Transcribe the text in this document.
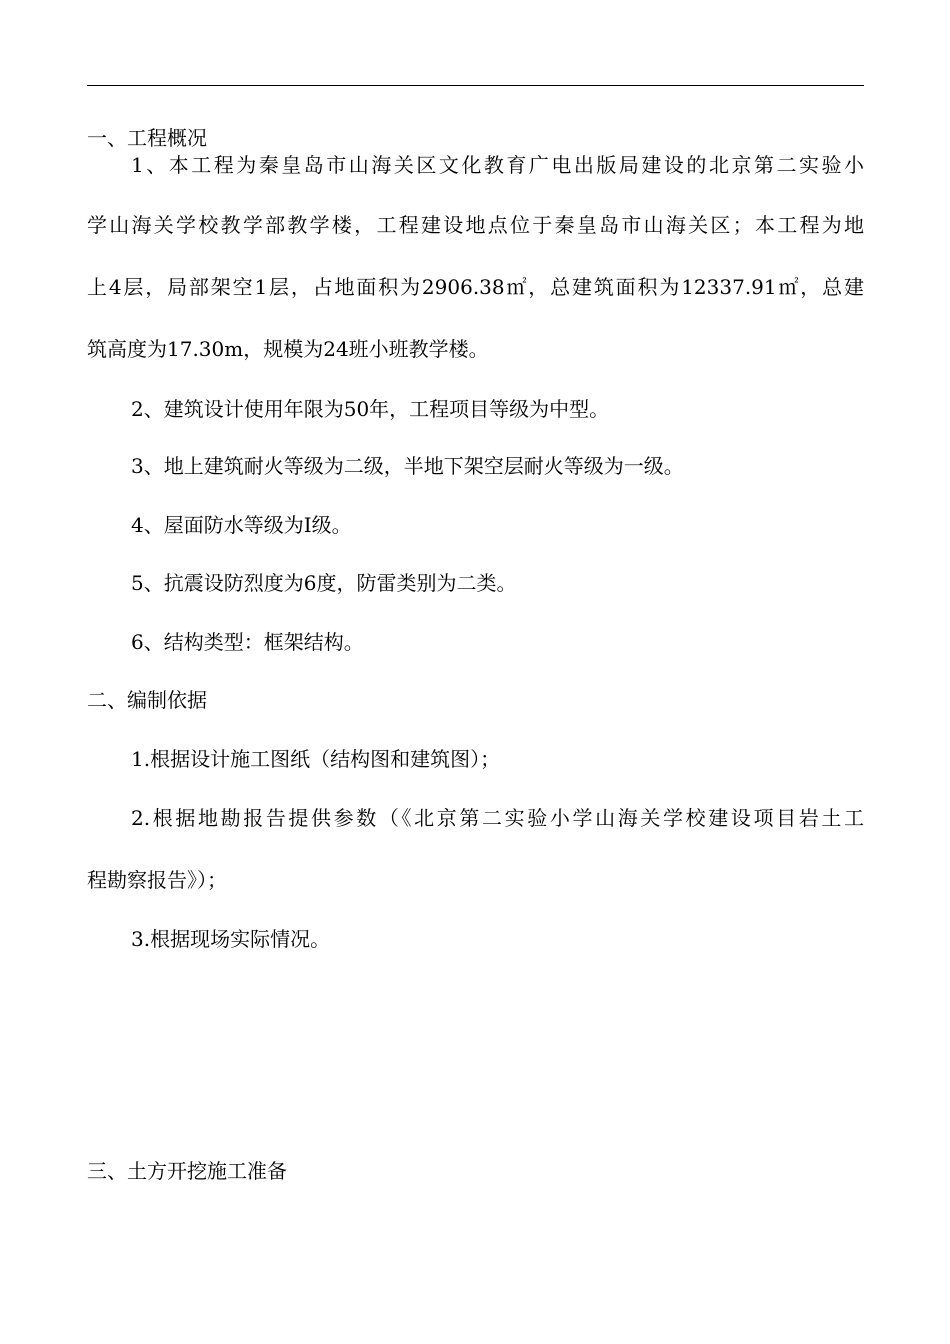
一、工程概况
1、本工程为秦皇岛市山海关区文化教育广电出版局建设的北京第二实验小
学山海关学校教学部教学楼，工程建设地点位于秦皇岛市山海关区；本工程为地
上4层，局部架空1层，占地面积为2906.38㎡，总建筑面积为12337.91㎡，总建
筑高度为17.30m，规模为24班小班教学楼。
2、建筑设计使用年限为50年，工程项目等级为中型。
3、地上建筑耐火等级为二级，半地下架空层耐火等级为一级。
4、屋面防水等级为Ⅰ级。
5、抗震设防烈度为6度，防雷类别为二类。
6、结构类型：框架结构。
二、编制依据
1.根据设计施工图纸（结构图和建筑图）；
2.根据地勘报告提供参数（《北京第二实验小学山海关学校建设项目岩土工
程勘察报告》）；
3.根据现场实际情况。
三、土方开挖施工准备
